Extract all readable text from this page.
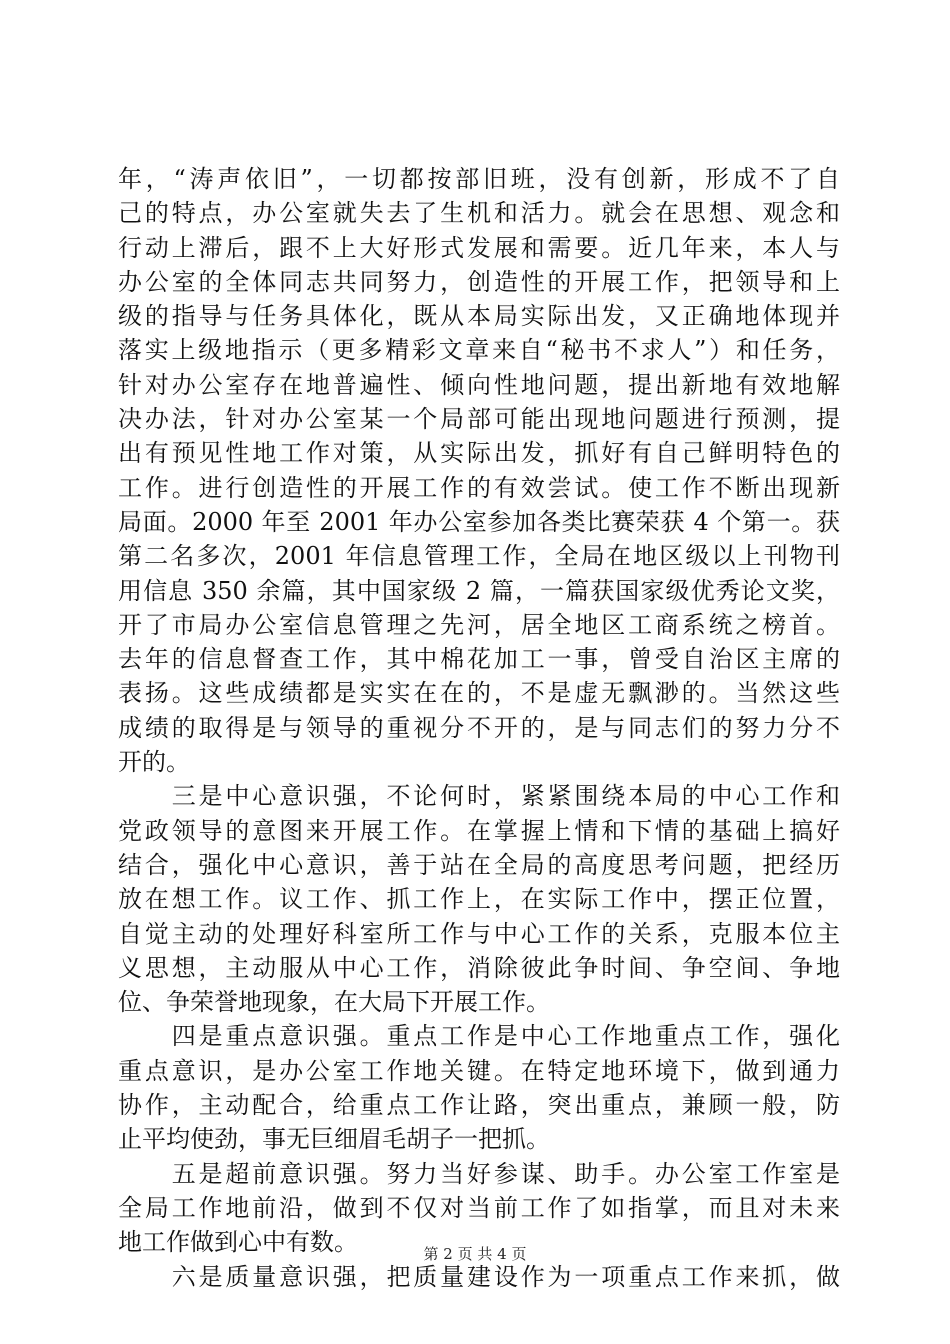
年，“涛声依旧”，一切都按部旧班，没有创新，形成不了自
己的特点，办公室就失去了生机和活力。就会在思想、观念和
行动上滞后，跟不上大好形式发展和需要。近几年来，本人与
办公室的全体同志共同努力，创造性的开展工作，把领导和上
级的指导与任务具体化，既从本局实际出发，又正确地体现并
落实上级地指示（更多精彩文章来自“秘书不求人”）和任务，
针对办公室存在地普遍性、倾向性地问题，提出新地有效地解
决办法，针对办公室某一个局部可能出现地问题进行预测，提
出有预见性地工作对策，从实际出发，抓好有自己鲜明特色的
工作。进行创造性的开展工作的有效尝试。使工作不断出现新
局面。2000 年至 2001 年办公室参加各类比赛荣获 4 个第一。获
第二名多次，2001 年信息管理工作，全局在地区级以上刊物刊
用信息 350 余篇，其中国家级 2 篇，一篇获国家级优秀论文奖，
开了市局办公室信息管理之先河，居全地区工商系统之榜首。
去年的信息督查工作，其中棉花加工一事，曾受自治区主席的
表扬。这些成绩都是实实在在的，不是虚无飘渺的。当然这些
成绩的取得是与领导的重视分不开的，是与同志们的努力分不
开的。
　　三是中心意识强，不论何时，紧紧围绕本局的中心工作和
党政领导的意图来开展工作。在掌握上情和下情的基础上搞好
结合，强化中心意识，善于站在全局的高度思考问题，把经历
放在想工作。议工作、抓工作上，在实际工作中，摆正位置，
自觉主动的处理好科室所工作与中心工作的关系，克服本位主
义思想，主动服从中心工作，消除彼此争时间、争空间、争地
位、争荣誉地现象，在大局下开展工作。
　　四是重点意识强。重点工作是中心工作地重点工作，强化
重点意识，是办公室工作地关键。在特定地环境下，做到通力
协作，主动配合，给重点工作让路，突出重点，兼顾一般，防
止平均使劲，事无巨细眉毛胡子一把抓。
　　五是超前意识强。努力当好参谋、助手。办公室工作室是
全局工作地前沿，做到不仅对当前工作了如指掌，而且对未来
地工作做到心中有数。
　　六是质量意识强，把质量建设作为一项重点工作来抓，做
第 2 页 共 4 页
